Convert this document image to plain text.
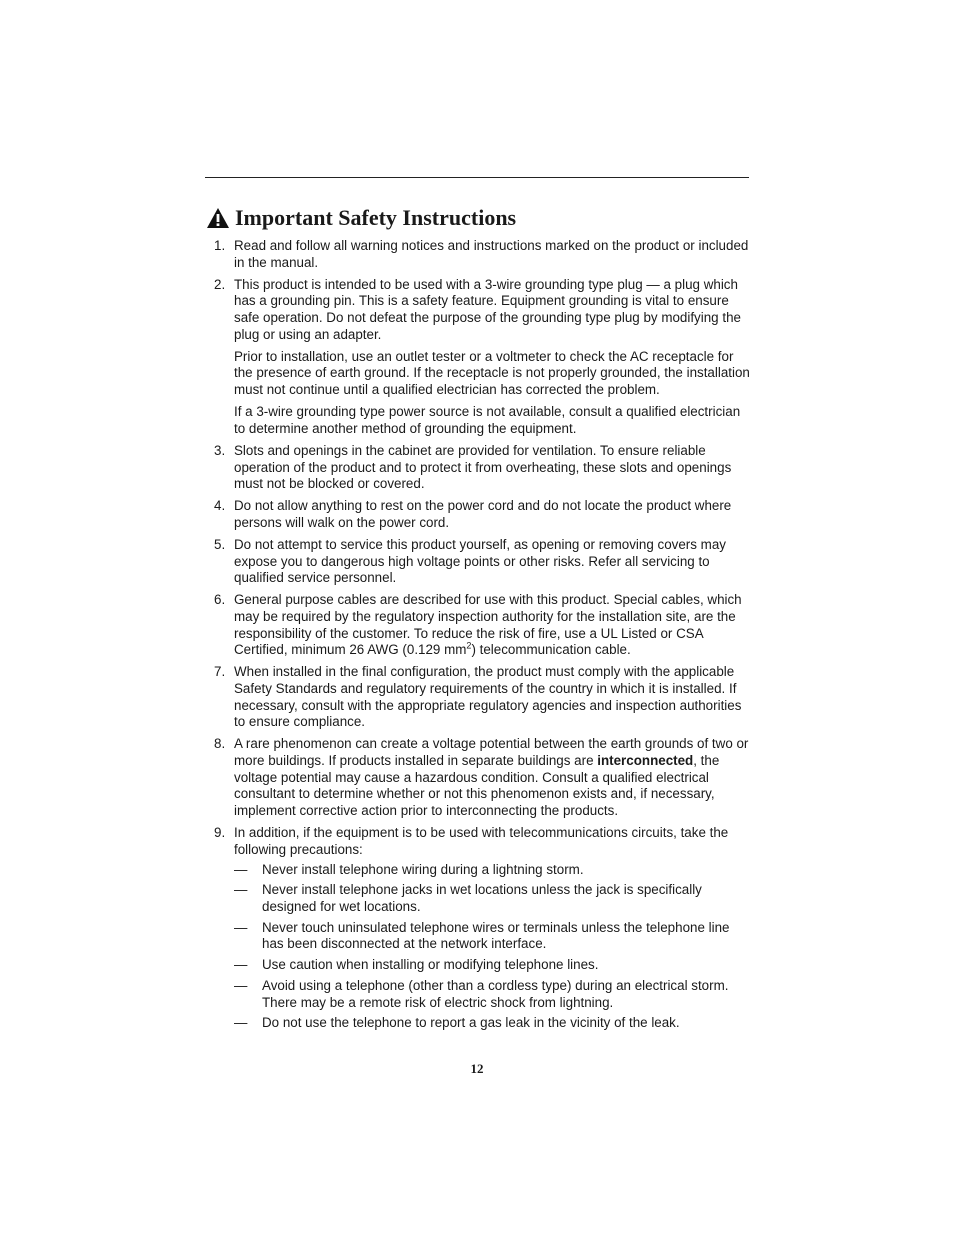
Important Safety Instructions
1. Read and follow all warning notices and instructions marked on the product or included in the manual.

2. This product is intended to be used with a 3-wire grounding type plug — a plug which has a grounding pin. This is a safety feature. Equipment grounding is vital to ensure safe operation. Do not defeat the purpose of the grounding type plug by modifying the plug or using an adapter.

Prior to installation, use an outlet tester or a voltmeter to check the AC receptacle for the presence of earth ground. If the receptacle is not properly grounded, the installation must not continue until a qualified electrician has corrected the problem.

If a 3-wire grounding type power source is not available, consult a qualified electrician to determine another method of grounding the equipment.

3. Slots and openings in the cabinet are provided for ventilation. To ensure reliable operation of the product and to protect it from overheating, these slots and openings must not be blocked or covered.

4. Do not allow anything to rest on the power cord and do not locate the product where persons will walk on the power cord.

5. Do not attempt to service this product yourself, as opening or removing covers may expose you to dangerous high voltage points or other risks. Refer all servicing to qualified service personnel.

6. General purpose cables are described for use with this product. Special cables, which may be required by the regulatory inspection authority for the installation site, are the responsibility of the customer. To reduce the risk of fire, use a UL Listed or CSA Certified, minimum 26 AWG (0.129 $mm^2$) telecommunication cable.

7. When installed in the final configuration, the product must comply with the applicable Safety Standards and regulatory requirements of the country in which it is installed. If necessary, consult with the appropriate regulatory agencies and inspection authorities to ensure compliance.

8. A rare phenomenon can create a voltage potential between the earth grounds of two or more buildings. If products installed in separate buildings are interconnected, the voltage potential may cause a hazardous condition. Consult a qualified electrical consultant to determine whether or not this phenomenon exists and, if necessary, implement corrective action prior to interconnecting the products.

9. In addition, if the equipment is to be used with telecommunications circuits, take the following precautions:

—	Never install telephone wiring during a lightning storm.
—	Never install telephone jacks in wet locations unless the jack is specifically designed for wet locations.
—	Never touch uninsulated telephone wires or terminals unless the telephone line has been disconnected at the network interface.
—	Use caution when installing or modifying telephone lines.
—	Avoid using a telephone (other than a cordless type) during an electrical storm. There may be a remote risk of electric shock from lightning.
—	Do not use the telephone to report a gas leak in the vicinity of the leak.
12
